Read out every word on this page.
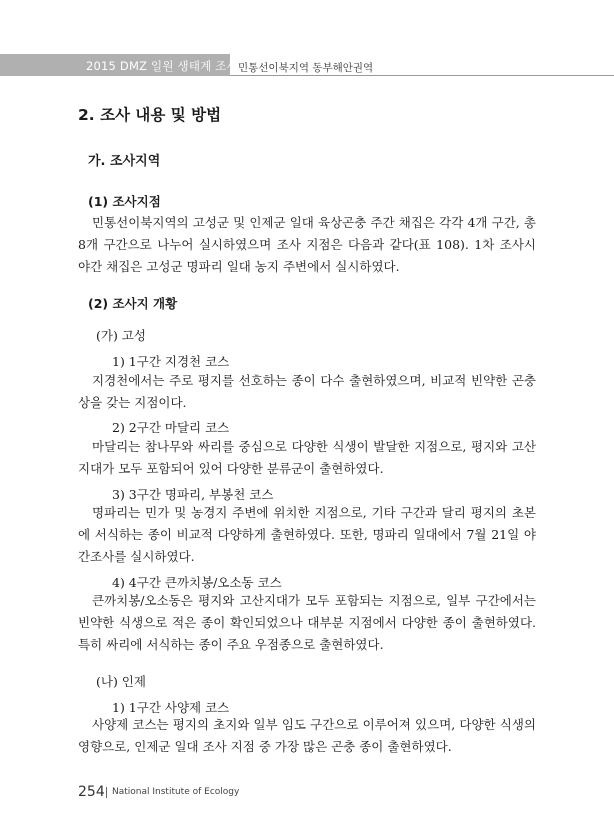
2015 DMZ 일원 생태계 조사 민통선이북지역 동부해안권역
2. 조사 내용 및 방법
가. 조사지역
(1) 조사지점

민통선이북지역의 고성군 및 인제군 일대 육상곤충 주간 채집은 각각 4개 구간, 총 8개 구간으로 나누어 실시하였으며 조사 지점은 다음과 같다(표 108). 1차 조사시 야간 채집은 고성군 명파리 일대 농지 주변에서 실시하였다.

(2) 조사지 개황
(가) 고성
1) 1구간 지경천 코스

지경천에서는 주로 평지를 선호하는 종이 다수 출현하였으며, 비교적 빈약한 곤충상을 갖는 지점이다.

2) 2구간 마달리 코스

마달리는 참나무와 싸리를 중심으로 다양한 식생이 발달한 지점으로, 평지와 고산지대가 모두 포함되어 있어 다양한 분류군이 출현하였다.

3) 3구간 명파리, 부봉천 코스

명파리는 민가 및 농경지 주변에 위치한 지점으로, 기타 구간과 달리 평지의 초본에 서식하는 종이 비교적 다양하게 출현하였다. 또한, 명파리 일대에서 7월 21일 야간조사를 실시하였다.

4) 4구간 큰까치봉/오소동 코스

큰까치봉/오소동은 평지와 고산지대가 모두 포함되는 지점으로, 일부 구간에서는 빈약한 식생으로 적은 종이 확인되었으나 대부분 지점에서 다양한 종이 출현하였다. 특히 싸리에 서식하는 종이 주요 우점종으로 출현하였다.

(나) 인제
1) 1구간 사양제 코스

사양제 코스는 평지의 초지와 일부 임도 구간으로 이루어져 있으며, 다양한 식생의 영향으로, 인제군 일대 조사 지점 중 가장 많은 곤충 종이 출현하였다.

254 National Institute of Ecology
